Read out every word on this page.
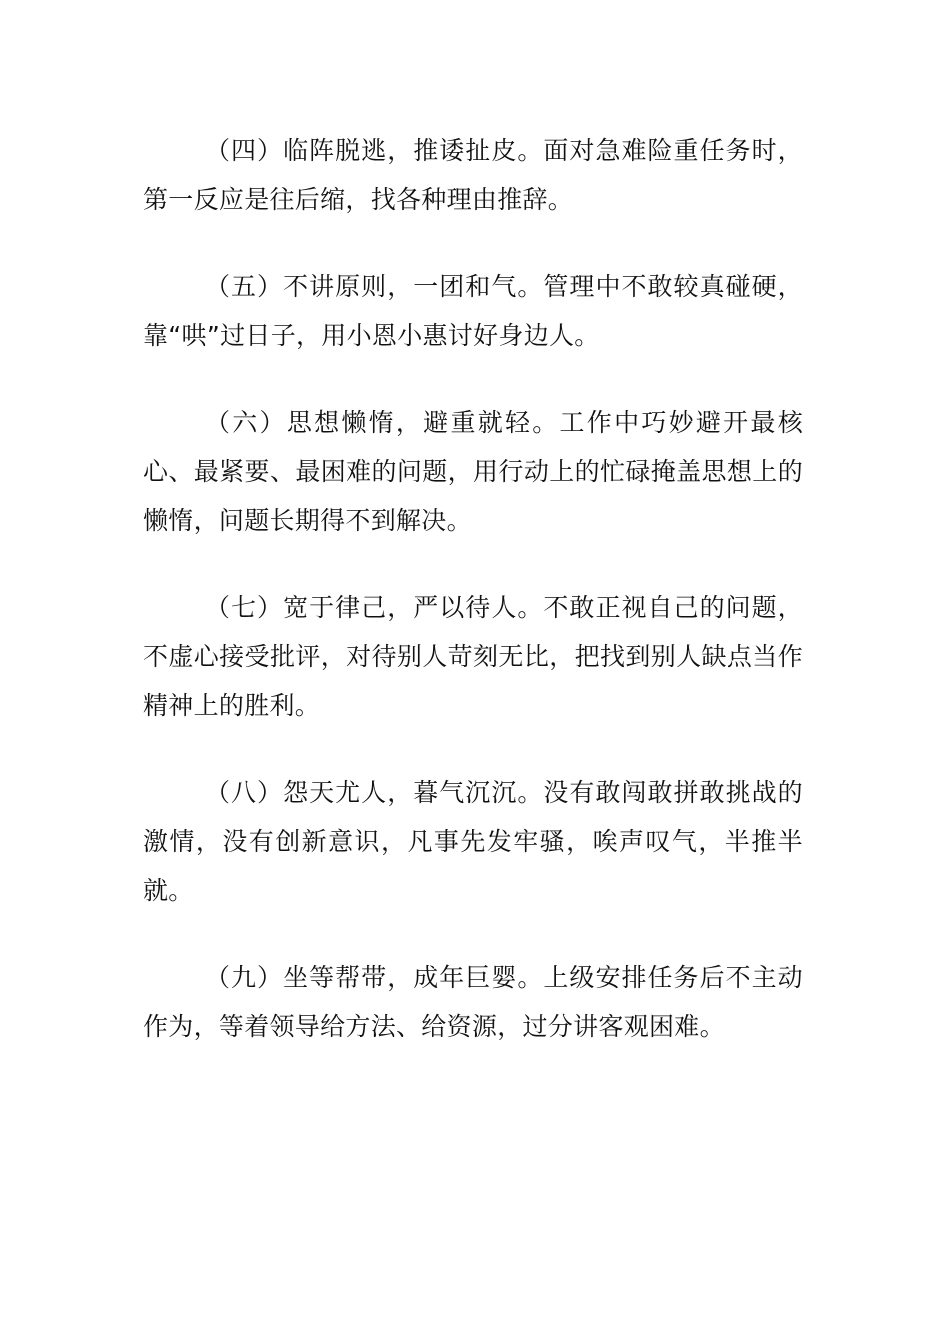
（四）临阵脱逃，推诿扯皮。面对急难险重任务时，第一反应是往后缩，找各种理由推辞。

（五）不讲原则，一团和气。管理中不敢较真碰硬，靠“哄”过日子，用小恩小惠讨好身边人。

（六）思想懒惰，避重就轻。工作中巧妙避开最核心、最紧要、最困难的问题，用行动上的忙碌掩盖思想上的懒惰，问题长期得不到解决。

（七）宽于律己，严以待人。不敢正视自己的问题，不虚心接受批评，对待别人苛刻无比，把找到别人缺点当作精神上的胜利。

（八）怨天尤人，暮气沉沉。没有敢闯敢拼敢挑战的激情，没有创新意识，凡事先发牢骚，唉声叹气，半推半就。

（九）坐等帮带，成年巨婴。上级安排任务后不主动作为，等着领导给方法、给资源，过分讲客观困难。
